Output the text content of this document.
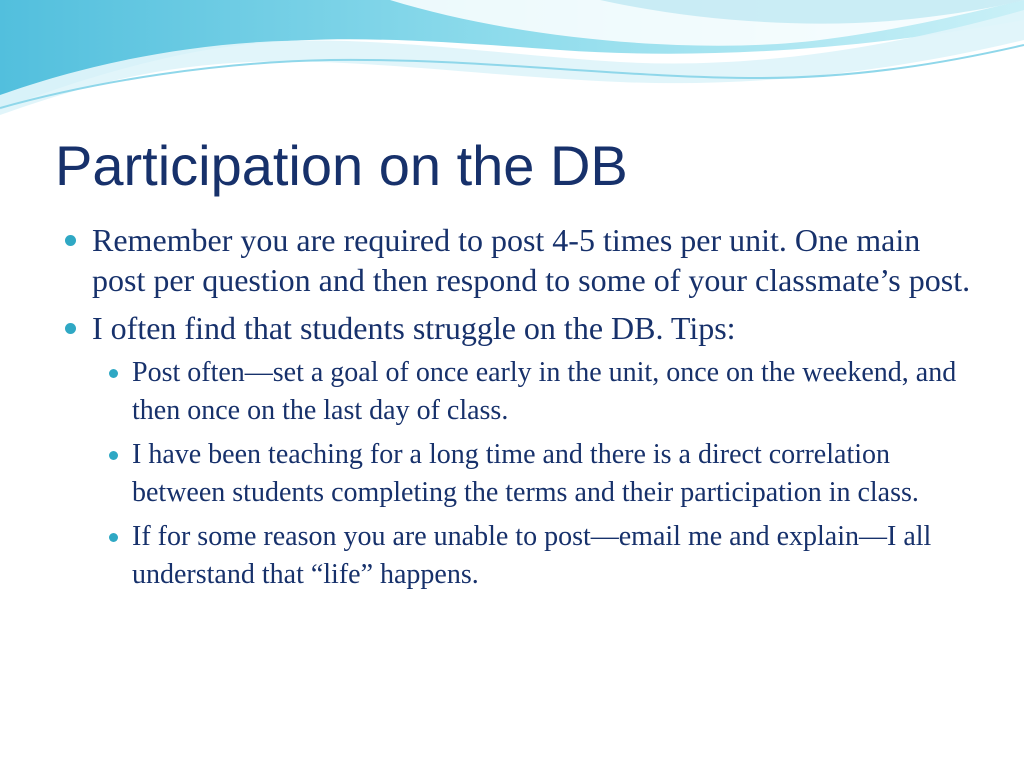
Participation on the DB
Remember you are required to post 4-5 times per unit. One main post per question and then respond to some of your classmate’s post.
I often find that students struggle on the DB. Tips:
Post often—set a goal of once early in the unit, once on the weekend, and then once on the last day of class.
I have been teaching for a long time and there is a direct correlation between students completing the terms and their participation in class.
If for some reason you are unable to post—email me and explain—I all understand that “life” happens.
